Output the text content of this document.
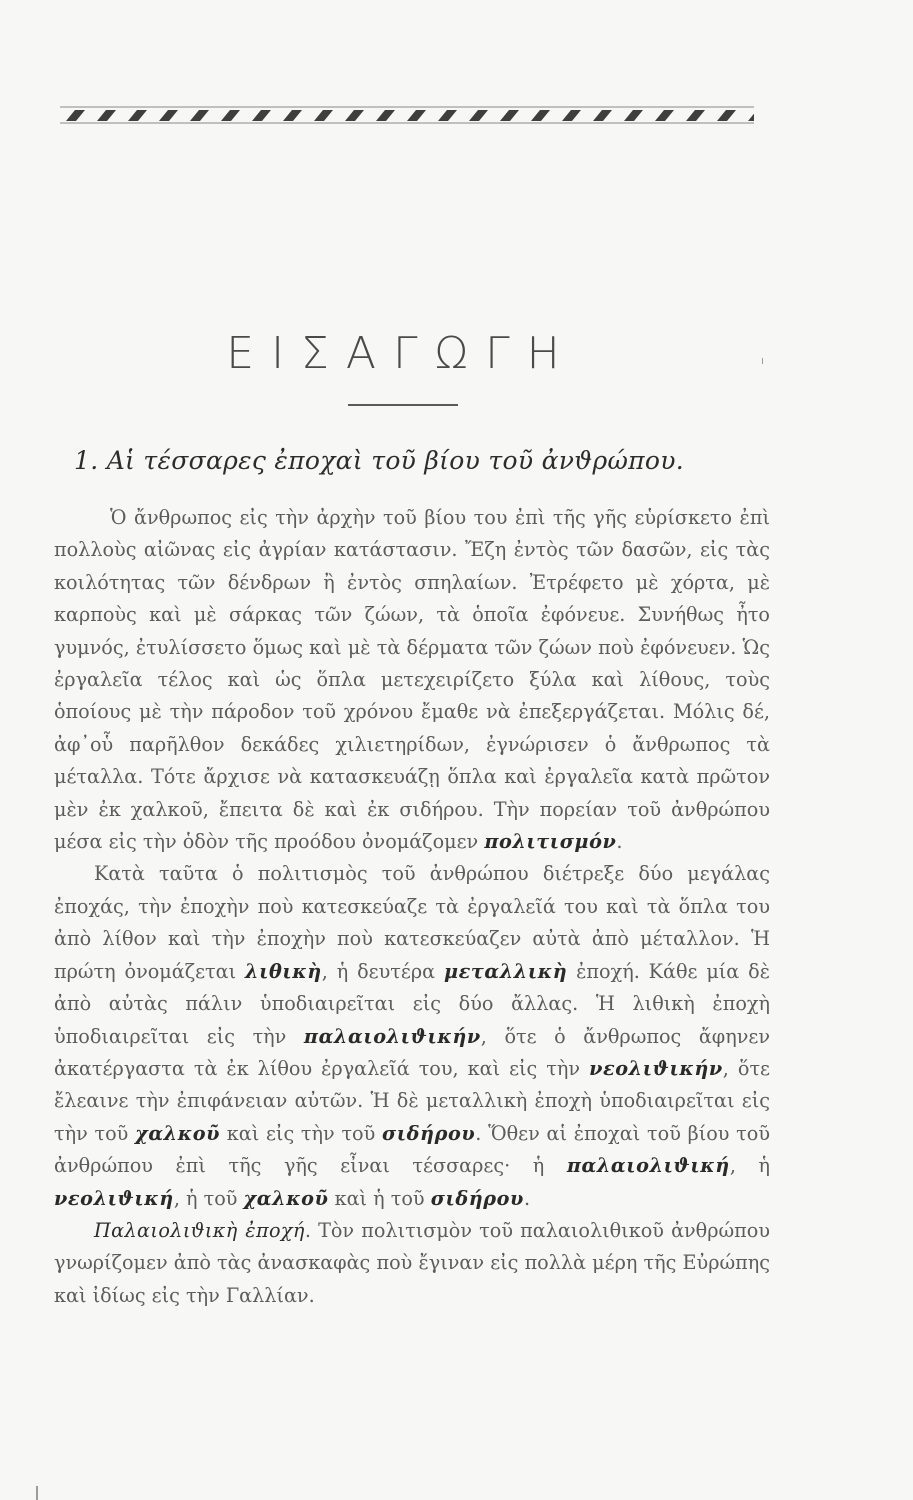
ΕΙΣΑΓΩΓΗ
1. Αἱ τέσσαρες ἐποχαὶ τοῦ βίου τοῦ ἀνϑρώπου.

Ὁ ἄνθρωπος εἰς τὴν ἀρχὴν τοῦ βίου του ἐπὶ τῆς γῆς εὑρίσκετο ἐπὶ πολλοὺς αἰῶνας εἰς ἀγρίαν κατάστασιν. Ἔζη ἐντὸς τῶν δασῶν, εἰς τὰς κοιλότητας τῶν δένδρων ἢ ἐντὸς σπηλαίων. Ἐτρέφετο μὲ χόρτα, μὲ καρποὺς καὶ μὲ σάρκας τῶν ζώων, τὰ ὁποῖα ἐφόνευε. Συνήθως ἦτο γυμνός, ἐτυλίσσετο ὅμως καὶ μὲ τὰ δέρματα τῶν ζώων ποὺ ἐφόνευεν. Ὡς ἐργαλεῖα τέλος καὶ ὡς ὅπλα μετεχειρίζετο ξύλα καὶ λίθους, τοὺς ὁποίους μὲ τὴν πάροδον τοῦ χρόνου ἔμαθε νὰ ἐπεξεργάζεται. Μόλις δέ, ἀφ᾽οὗ παρῆλθον δεκάδες χιλιετηρίδων, ἐγνώρισεν ὁ ἄνθρωπος τὰ μέταλλα. Τότε ἄρχισε νὰ κατασκευάζῃ ὅπλα καὶ ἐργαλεῖα κατὰ πρῶτον μὲν ἐκ χαλκοῦ, ἔπειτα δὲ καὶ ἐκ σιδήρου. Τὴν πορείαν τοῦ ἀνθρώπου μέσα εἰς τὴν ὁδὸν τῆς προόδου ὀνομάζομεν πολιτισμόν.

Κατὰ ταῦτα ὁ πολιτισμὸς τοῦ ἀνθρώπου διέτρεξε δύο μεγάλας ἐποχάς, τὴν ἐποχὴν ποὺ κατεσκεύαζε τὰ ἐργαλεῖά του καὶ τὰ ὅπλα του ἀπὸ λίθον καὶ τὴν ἐποχὴν ποὺ κατεσκεύαζεν αὐτὰ ἀπὸ μέταλλον. Ἡ πρώτη ὀνομάζεται λιθικὴ, ἡ δευτέρα μεταλλικὴ ἐποχή. Κάθε μία δὲ ἀπὸ αὐτὰς πάλιν ὑποδιαιρεῖται εἰς δύο ἄλλας. Ἡ λιθικὴ ἐποχὴ ὑποδιαιρεῖται εἰς τὴν παλαιολιϑικήν, ὅτε ὁ ἄνθρωπος ἄφηνεν ἀκατέργαστα τὰ ἐκ λίθου ἐργαλεῖά του, καὶ εἰς τὴν νεολιϑικήν, ὅτε ἔλεαινε τὴν ἐπιφάνειαν αὐτῶν. Ἡ δὲ μεταλλικὴ ἐποχὴ ὑποδιαιρεῖται εἰς τὴν τοῦ χαλκοῦ καὶ εἰς τὴν τοῦ σιδήρου. Ὅθεν αἱ ἐποχαὶ τοῦ βίου τοῦ ἀνθρώπου ἐπὶ τῆς γῆς εἶναι τέσσαρες· ἡ παλαιολιϑική, ἡ νεολιϑική, ἡ τοῦ χαλκοῦ καὶ ἡ τοῦ σιδήρου.

Παλαιολιϑικὴ ἐποχή. Τὸν πολιτισμὸν τοῦ παλαιολιθικοῦ ἀνθρώπου γνωρίζομεν ἀπὸ τὰς ἀνασκαφὰς ποὺ ἔγιναν εἰς πολλὰ μέρη τῆς Εὐρώπης καὶ ἰδίως εἰς τὴν Γαλλίαν.
